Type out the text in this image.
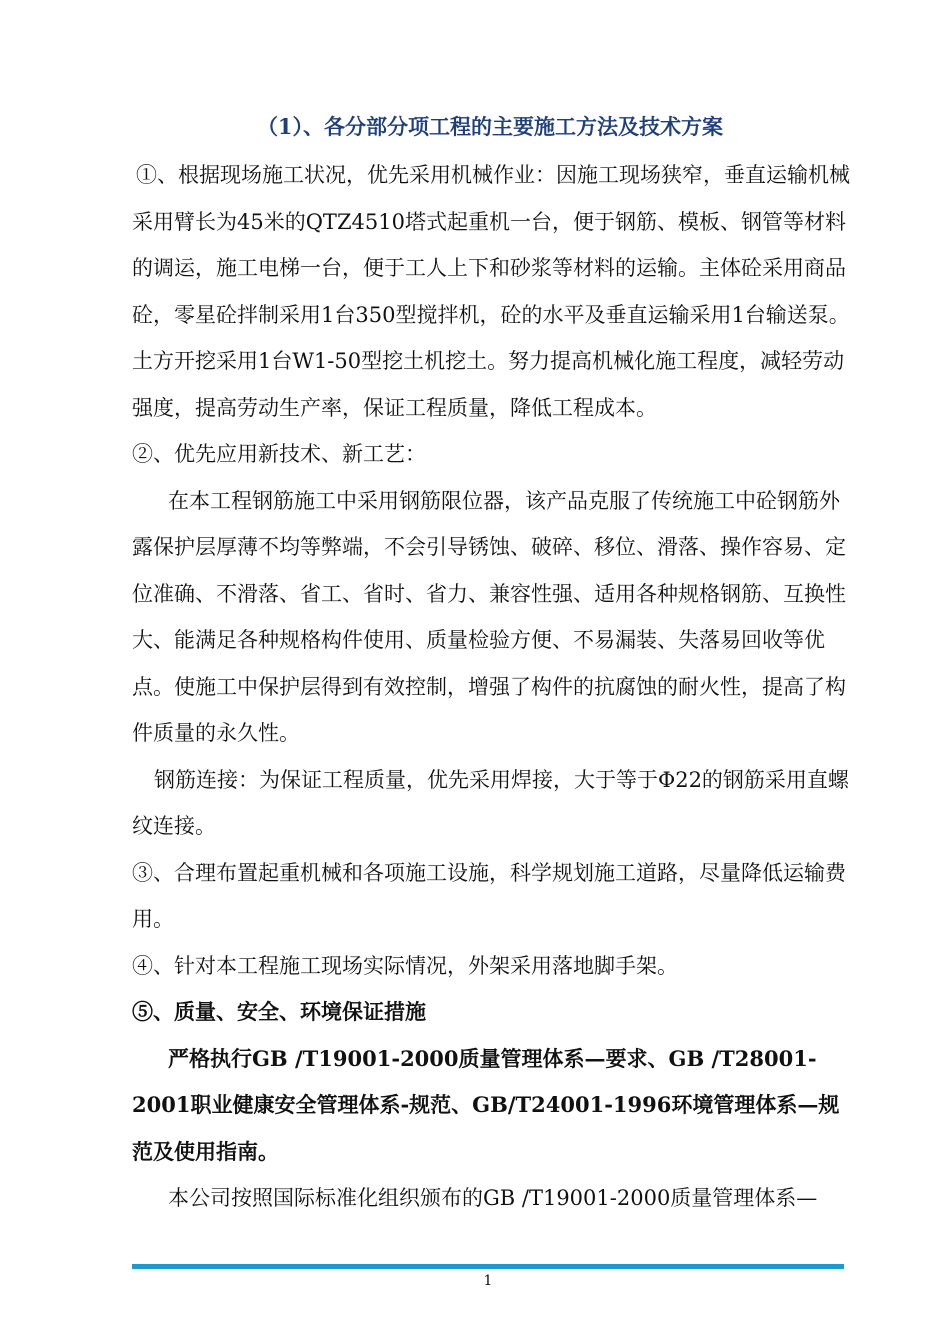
（1）、各分部分项工程的主要施工方法及技术方案

①、根据现场施工状况，优先采用机械作业：因施工现场狭窄，垂直运输机械采用臂长为45米的QTZ4510塔式起重机一台，便于钢筋、模板、钢管等材料的调运，施工电梯一台，便于工人上下和砂浆等材料的运输。主体砼采用商品砼，零星砼拌制采用1台350型搅拌机，砼的水平及垂直运输采用1台输送泵。土方开挖采用1台W1-50型挖土机挖土。努力提高机械化施工程度，减轻劳动强度，提高劳动生产率，保证工程质量，降低工程成本。

②、优先应用新技术、新工艺：

在本工程钢筋施工中采用钢筋限位器，该产品克服了传统施工中砼钢筋外露保护层厚薄不均等弊端，不会引导锈蚀、破碎、移位、滑落、操作容易、定位准确、不滑落、省工、省时、省力、兼容性强、适用各种规格钢筋、互换性大、能满足各种规格构件使用、质量检验方便、不易漏装、失落易回收等优点。使施工中保护层得到有效控制，增强了构件的抗腐蚀的耐火性，提高了构件质量的永久性。

钢筋连接：为保证工程质量，优先采用焊接，大于等于Φ22的钢筋采用直螺纹连接。

③、合理布置起重机械和各项施工设施，科学规划施工道路，尽量降低运输费用。

④、针对本工程施工现场实际情况，外架采用落地脚手架。

⑤、质量、安全、环境保证措施

严格执行GB /T19001-2000质量管理体系—要求、GB /T28001-2001职业健康安全管理体系-规范、GB/T24001-1996环境管理体系—规范及使用指南。

本公司按照国际标准化组织颁布的GB /T19001-2000质量管理体系—

1
